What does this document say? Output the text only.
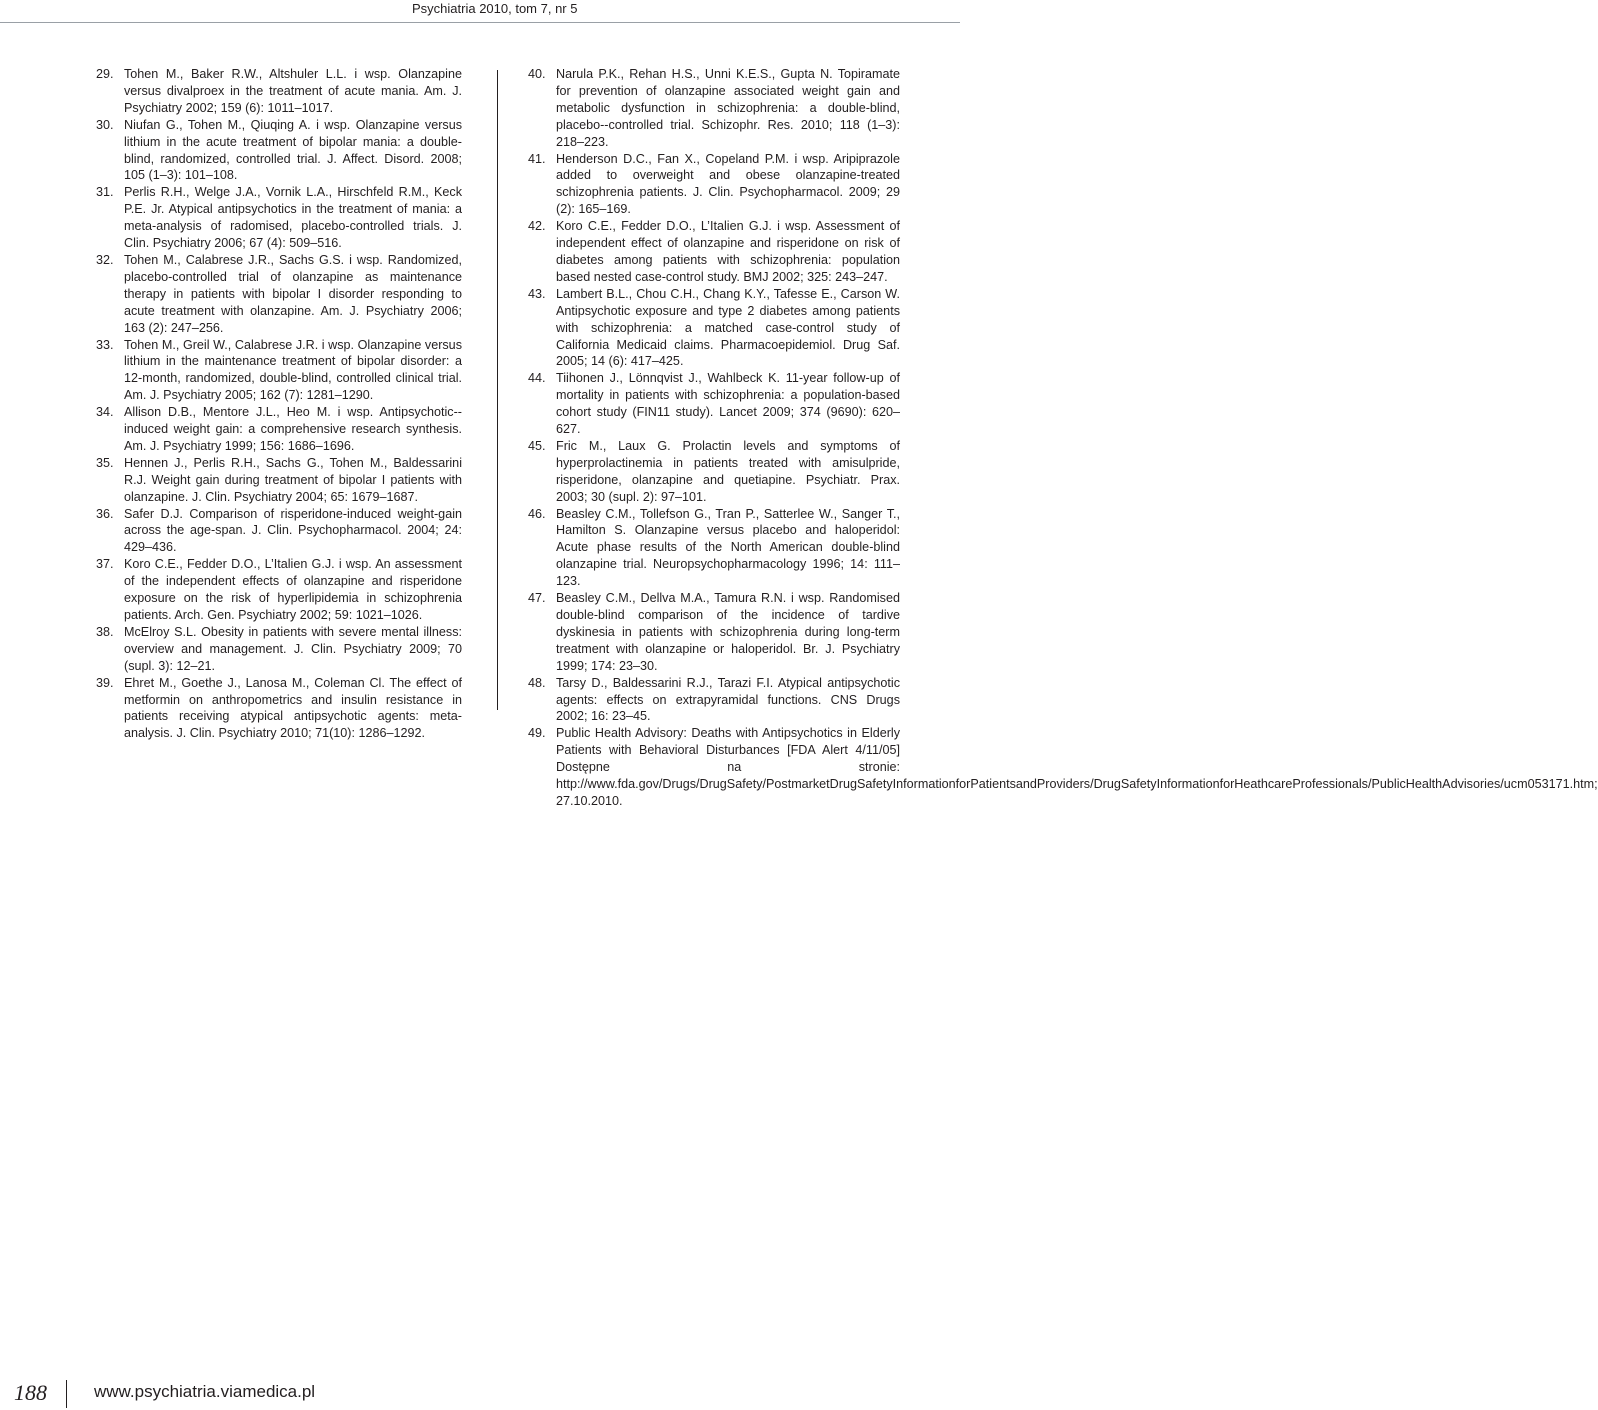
Psychiatria 2010, tom 7, nr 5

29. Tohen M., Baker R.W., Altshuler L.L. i wsp. Olanzapine versus divalproex in the treatment of acute mania. Am. J. Psychiatry 2002; 159 (6): 1011–1017.

30. Niufan G., Tohen M., Qiuqing A. i wsp. Olanzapine versus lithium in the acute treatment of bipolar mania: a double-blind, randomized, controlled trial. J. Affect. Disord. 2008; 105 (1–3): 101–108.

31. Perlis R.H., Welge J.A., Vornik L.A., Hirschfeld R.M., Keck P.E. Jr. Atypical antipsychotics in the treatment of mania: a meta-analysis of radomised, placebo-controlled trials. J. Clin. Psychiatry 2006; 67 (4): 509–516.

32. Tohen M., Calabrese J.R., Sachs G.S. i wsp. Randomized, placebo-controlled trial of olanzapine as maintenance therapy in patients with bipolar I disorder responding to acute treatment with olanzapine. Am. J. Psychiatry 2006; 163 (2): 247–256.

33. Tohen M., Greil W., Calabrese J.R. i wsp. Olanzapine versus lithium in the maintenance treatment of bipolar disorder: a 12-month, randomized, double-blind, controlled clinical trial. Am. J. Psychiatry 2005; 162 (7): 1281–1290.

34. Allison D.B., Mentore J.L., Heo M. i wsp. Antipsychotic--induced weight gain: a comprehensive research synthesis. Am. J. Psychiatry 1999; 156: 1686–1696.

35. Hennen J., Perlis R.H., Sachs G., Tohen M., Baldessarini R.J. Weight gain during treatment of bipolar I patients with olanzapine. J. Clin. Psychiatry 2004; 65: 1679–1687.

36. Safer D.J. Comparison of risperidone-induced weight-gain across the age-span. J. Clin. Psychopharmacol. 2004; 24: 429–436.

37. Koro C.E., Fedder D.O., L’Italien G.J. i wsp. An assessment of the independent effects of olanzapine and risperidone exposure on the risk of hyperlipidemia in schizophrenia patients. Arch. Gen. Psychiatry 2002; 59: 1021–1026.

38. McElroy S.L. Obesity in patients with severe mental illness: overview and management. J. Clin. Psychiatry 2009; 70 (supl. 3): 12–21.

39. Ehret M., Goethe J., Lanosa M., Coleman Cl. The effect of metformin on anthropometrics and insulin resistance in patients receiving atypical antipsychotic agents: meta-analysis. J. Clin. Psychiatry 2010; 71(10): 1286–1292.

40. Narula P.K., Rehan H.S., Unni K.E.S., Gupta N. Topiramate for prevention of olanzapine associated weight gain and metabolic dysfunction in schizophrenia: a double-blind, placebo--controlled trial. Schizophr. Res. 2010; 118 (1–3): 218–223.

41. Henderson D.C., Fan X., Copeland P.M. i wsp. Aripiprazole added to overweight and obese olanzapine-treated schizophrenia patients. J. Clin. Psychopharmacol. 2009; 29 (2): 165–169.

42. Koro C.E., Fedder D.O., L’Italien G.J. i wsp. Assessment of independent effect of olanzapine and risperidone on risk of diabetes among patients with schizophrenia: population based nested case-control study. BMJ 2002; 325: 243–247.

43. Lambert B.L., Chou C.H., Chang K.Y., Tafesse E., Carson W. Antipsychotic exposure and type 2 diabetes among patients with schizophrenia: a matched case-control study of California Medicaid claims. Pharmacoepidemiol. Drug Saf. 2005; 14 (6): 417–425.

44. Tiihonen J., Lönnqvist J., Wahlbeck K. 11-year follow-up of mortality in patients with schizophrenia: a population-based cohort study (FIN11 study). Lancet 2009; 374 (9690): 620–627.

45. Fric M., Laux G. Prolactin levels and symptoms of hyperprolactinemia in patients treated with amisulpride, risperidone, olanzapine and quetiapine. Psychiatr. Prax. 2003; 30 (supl. 2): 97–101.

46. Beasley C.M., Tollefson G., Tran P., Satterlee W., Sanger T., Hamilton S. Olanzapine versus placebo and haloperidol: Acute phase results of the North American double-blind olanzapine trial. Neuropsychopharmacology 1996; 14: 111–123.

47. Beasley C.M., Dellva M.A., Tamura R.N. i wsp. Randomised double-blind comparison of the incidence of tardive dyskinesia in patients with schizophrenia during long-term treatment with olanzapine or haloperidol. Br. J. Psychiatry 1999; 174: 23–30.

48. Tarsy D., Baldessarini R.J., Tarazi F.I. Atypical antipsychotic agents: effects on extrapyramidal functions. CNS Drugs 2002; 16: 23–45.

49. Public Health Advisory: Deaths with Antipsychotics in Elderly Patients with Behavioral Disturbances [FDA Alert 4/11/05] Dostępne na stronie: http://www.fda.gov/Drugs/DrugSafety/PostmarketDrugSafetyInformationforPatientsandProviders/DrugSafetyInformationforHeathcareProfessionals/PublicHealthAdvisories/ucm053171.htm; 27.10.2010.

188	www.psychiatria.viamedica.pl
